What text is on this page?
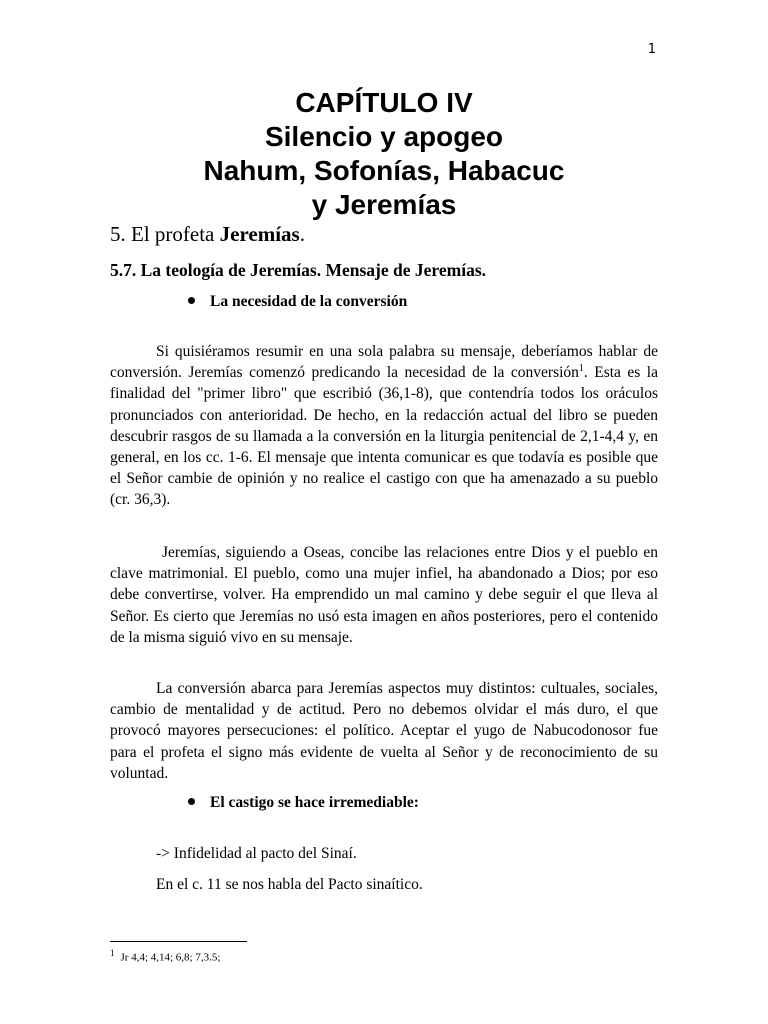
1
CAPÍTULO IV
Silencio y apogeo
Nahum, Sofonías, Habacuc
y Jeremías
5. El profeta Jeremías.
5.7. La teología de Jeremías. Mensaje de Jeremías.
La necesidad de la conversión
Si quisiéramos resumir en una sola palabra su mensaje, deberíamos hablar de conversión. Jeremías comenzó predicando la necesidad de la conversión$^1$. Esta es la finalidad del "primer libro" que escribió (36,1-8), que contendría todos los oráculos pronunciados con anterioridad. De hecho, en la redacción actual del libro se pueden descubrir rasgos de su llamada a la conversión en la liturgia penitencial de 2,1-4,4 y, en general, en los cc. 1-6. El mensaje que intenta comunicar es que todavía es posible que el Señor cambie de opinión y no realice el castigo con que ha amenazado a su pueblo (cr. 36,3).
Jeremías, siguiendo a Oseas, concibe las relaciones entre Dios y el pueblo en clave matrimonial. El pueblo, como una mujer infiel, ha abandonado a Dios; por eso debe convertirse, volver. Ha emprendido un mal camino y debe seguir el que lleva al Señor. Es cierto que Jeremías no usó esta imagen en años posteriores, pero el contenido de la misma siguió vivo en su mensaje.
La conversión abarca para Jeremías aspectos muy distintos: cultuales, sociales, cambio de mentalidad y de actitud. Pero no debemos olvidar el más duro, el que provocó mayores persecuciones: el político. Aceptar el yugo de Nabucodonosor fue para el profeta el signo más evidente de vuelta al Señor y de reconocimiento de su voluntad.
El castigo se hace irremediable:
-> Infidelidad al pacto del Sinaí.
En el c. 11 se nos habla del Pacto sinaítico.
$^1$ Jr 4,4; 4,14; 6,8; 7,3.5;
